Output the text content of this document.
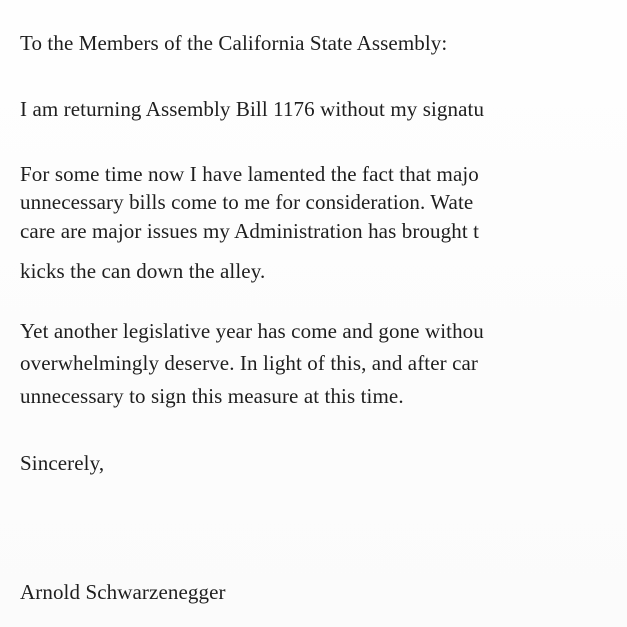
To the Members of the California State Assembly:

I am returning Assembly Bill 1176 without my signatu

For some time now I have lamented the fact that majo

unnecessary bills come to me for consideration. Wate

care are major issues my Administration has brought t

kicks the can down the alley.

Yet another legislative year has come and gone withou

overwhelmingly deserve. In light of this, and after car

unnecessary to sign this measure at this time.

Sincerely,

Arnold Schwarzenegger
